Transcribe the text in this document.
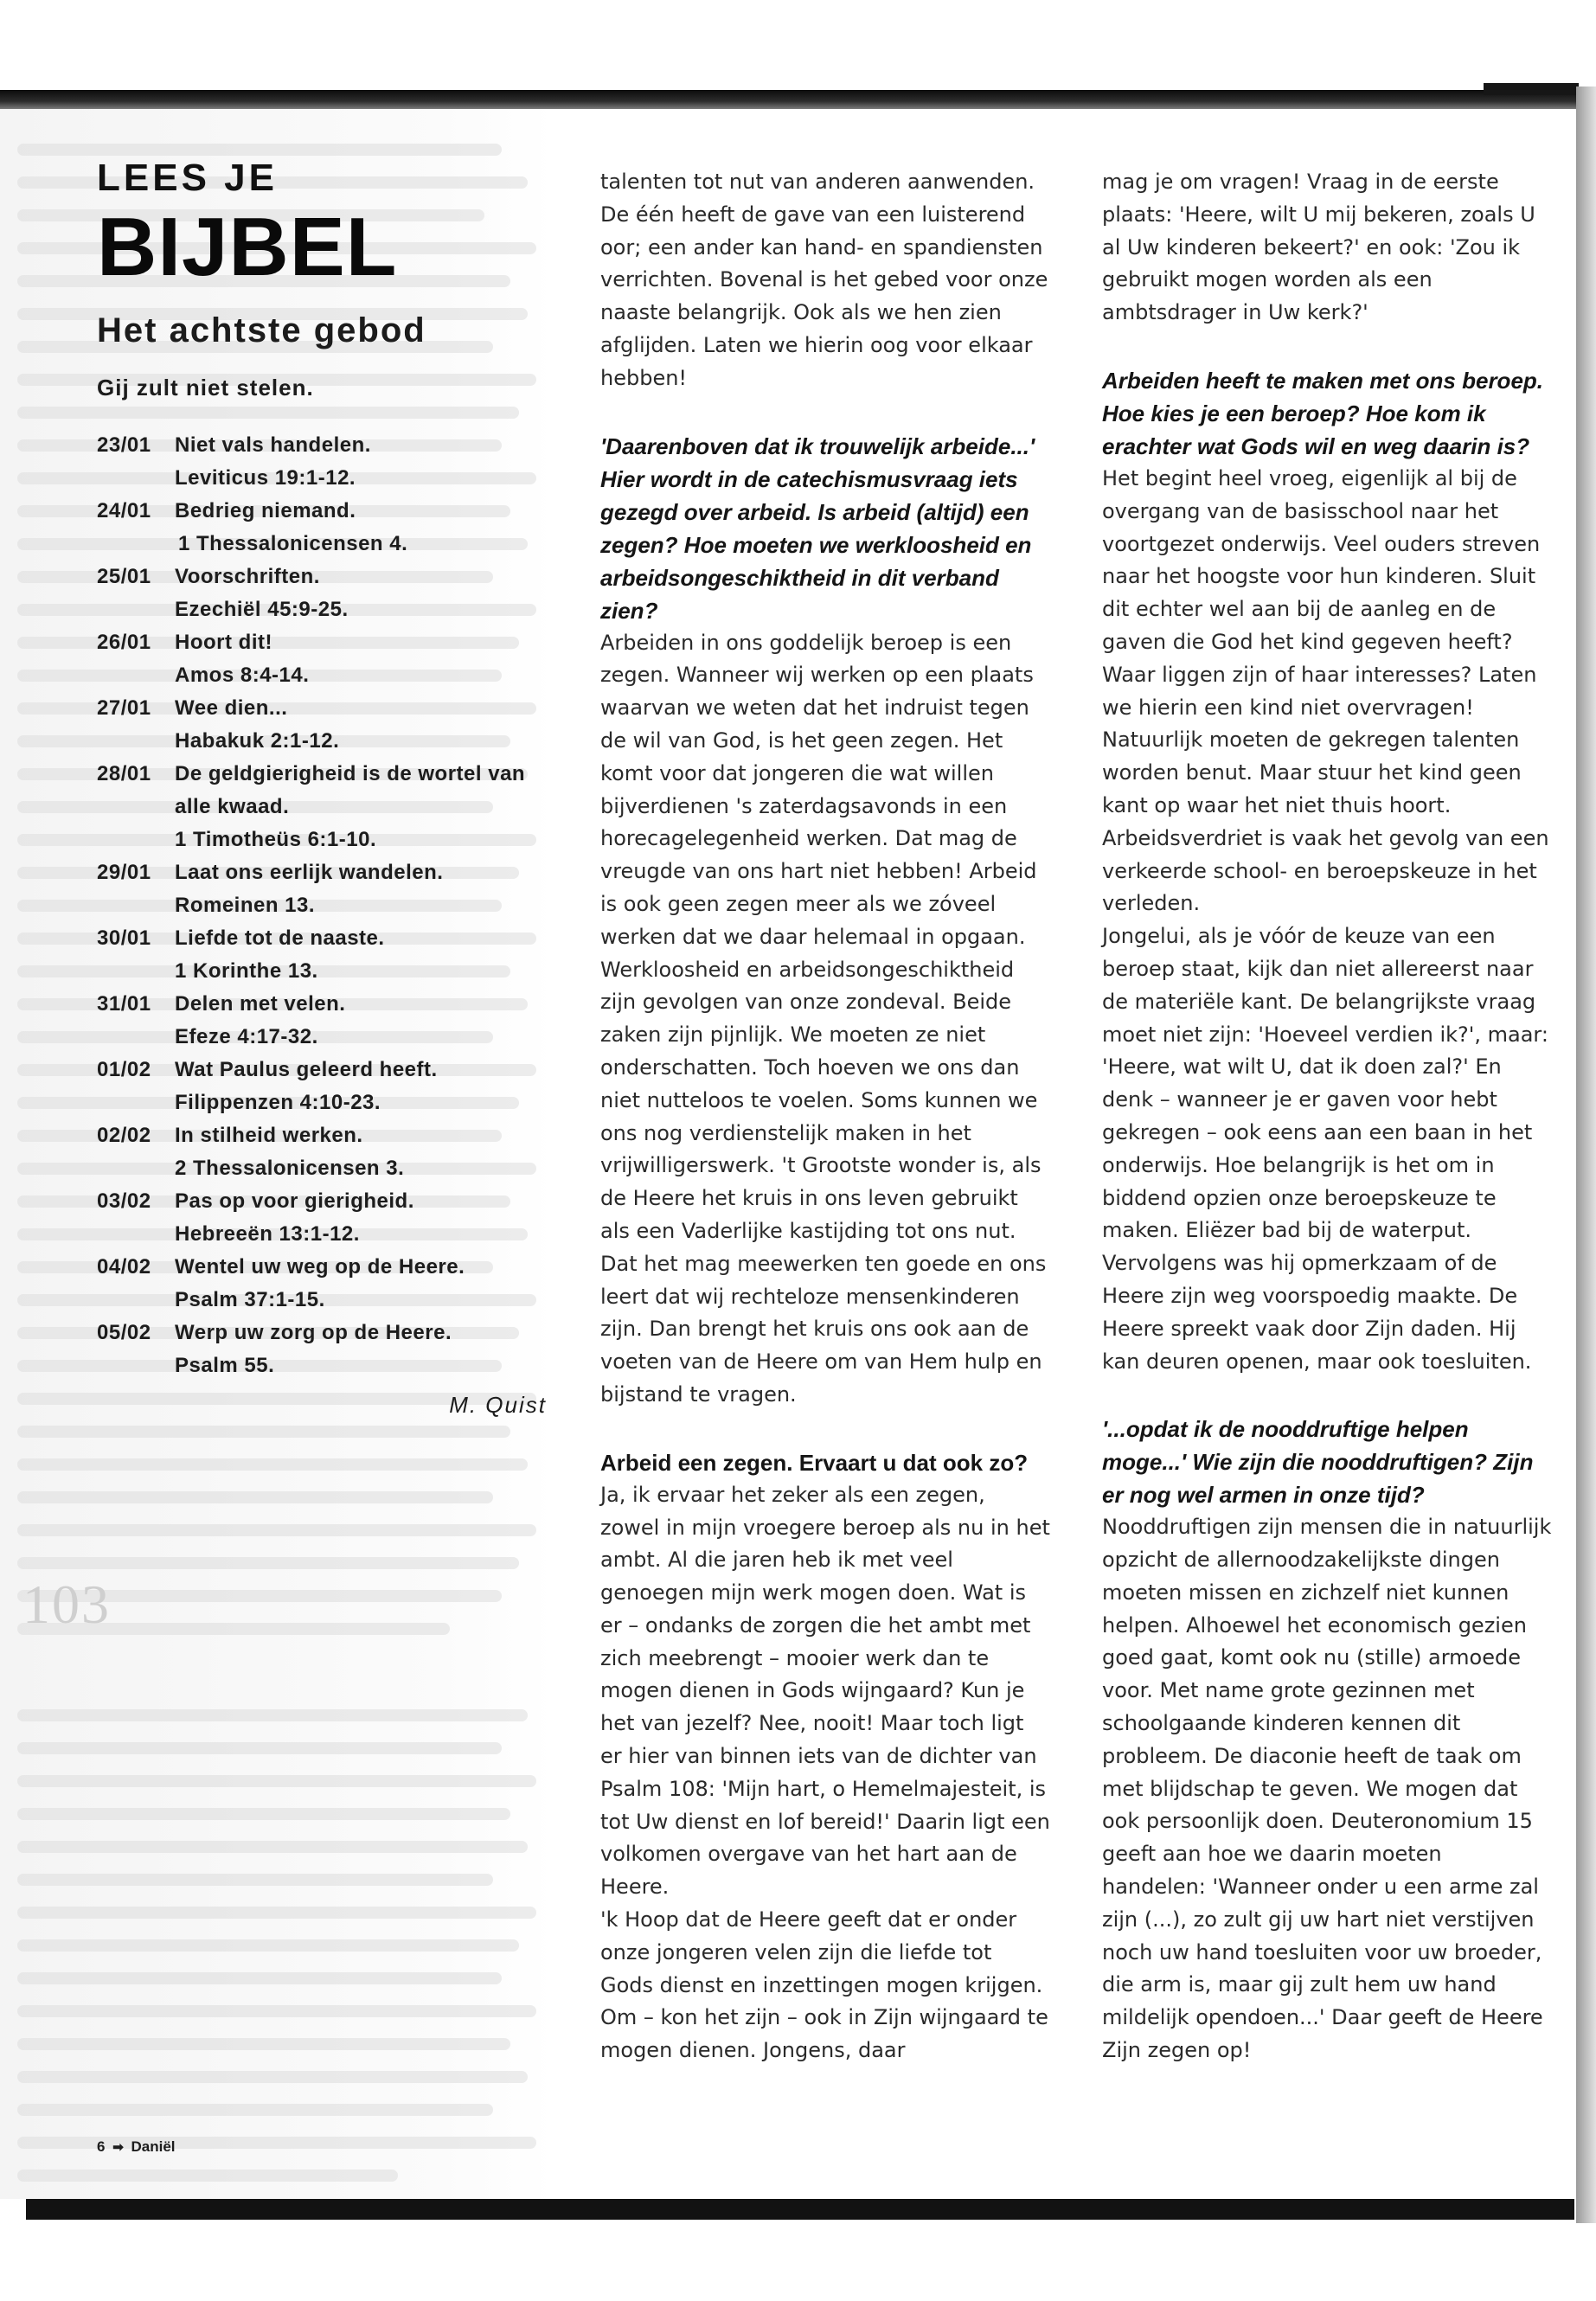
103
LEES JE
BIJBEL
Het achtste gebod
Gij zult niet stelen.
23/01	Niet vals handelen.
Leviticus 19:1-12.
24/01	Bedrieg niemand.
1 Thessalonicensen 4.
25/01	Voorschriften.
Ezechiël 45:9-25.
26/01	Hoort dit!
Amos 8:4-14.
27/01	Wee dien...
Habakuk 2:1-12.
28/01	De geldgierigheid is de wortel van alle kwaad.
1 Timotheüs 6:1-10.
29/01	Laat ons eerlijk wandelen.
Romeinen 13.
30/01	Liefde tot de naaste.
1 Korinthe 13.
31/01	Delen met velen.
Efeze 4:17-32.
01/02	Wat Paulus geleerd heeft.
Filippenzen 4:10-23.
02/02	In stilheid werken.
2 Thessalonicensen 3.
03/02	Pas op voor gierigheid.
Hebreeën 13:1-12.
04/02	Wentel uw weg op de Heere.
Psalm 37:1-15.
05/02	Werp uw zorg op de Heere.
Psalm 55.
M. Quist
6 ➡ Daniël

talenten tot nut van anderen aanwenden. De één heeft de gave van een luisterend oor; een ander kan hand- en spandiensten verrichten. Bovenal is het gebed voor onze naaste belangrijk. Ook als we hen zien afglijden. Laten we hierin oog voor elkaar hebben!

'Daarenboven dat ik trouwelijk arbeide...' Hier wordt in de catechismusvraag iets gezegd over arbeid. Is arbeid (altijd) een zegen? Hoe moeten we werkloosheid en arbeidsongeschiktheid in dit verband zien?

Arbeiden in ons goddelijk beroep is een zegen. Wanneer wij werken op een plaats waarvan we weten dat het indruist tegen de wil van God, is het geen zegen. Het komt voor dat jongeren die wat willen bijverdienen 's zaterdagsavonds in een horecagelegenheid werken. Dat mag de vreugde van ons hart niet hebben! Arbeid is ook geen zegen meer als we zóveel werken dat we daar helemaal in opgaan. Werkloosheid en arbeidsongeschiktheid zijn gevolgen van onze zondeval. Beide zaken zijn pijnlijk. We moeten ze niet onderschatten. Toch hoeven we ons dan niet nutteloos te voelen. Soms kunnen we ons nog verdienstelijk maken in het vrijwilligerswerk. 't Grootste wonder is, als de Heere het kruis in ons leven gebruikt als een Vaderlijke kastijding tot ons nut. Dat het mag meewerken ten goede en ons leert dat wij rechteloze mensenkinderen zijn. Dan brengt het kruis ons ook aan de voeten van de Heere om van Hem hulp en bijstand te vragen.

Arbeid een zegen. Ervaart u dat ook zo?

Ja, ik ervaar het zeker als een zegen, zowel in mijn vroegere beroep als nu in het ambt. Al die jaren heb ik met veel genoegen mijn werk mogen doen. Wat is er – ondanks de zorgen die het ambt met zich meebrengt – mooier werk dan te mogen dienen in Gods wijngaard? Kun je het van jezelf? Nee, nooit! Maar toch ligt er hier van binnen iets van de dichter van Psalm 108: 'Mijn hart, o Hemelmajesteit, is tot Uw dienst en lof bereid!' Daarin ligt een volkomen overgave van het hart aan de Heere.

'k Hoop dat de Heere geeft dat er onder onze jongeren velen zijn die liefde tot Gods dienst en inzettingen mogen krijgen. Om – kon het zijn – ook in Zijn wijngaard te mogen dienen. Jongens, daar

mag je om vragen! Vraag in de eerste plaats: 'Heere, wilt U mij bekeren, zoals U al Uw kinderen bekeert?' en ook: 'Zou ik gebruikt mogen worden als een ambtsdrager in Uw kerk?'

Arbeiden heeft te maken met ons beroep. Hoe kies je een beroep? Hoe kom ik erachter wat Gods wil en weg daarin is?

Het begint heel vroeg, eigenlijk al bij de overgang van de basisschool naar het voortgezet onderwijs. Veel ouders streven naar het hoogste voor hun kinderen. Sluit dit echter wel aan bij de aanleg en de gaven die God het kind gegeven heeft? Waar liggen zijn of haar interesses? Laten we hierin een kind niet overvragen! Natuurlijk moeten de gekregen talenten worden benut. Maar stuur het kind geen kant op waar het niet thuis hoort. Arbeidsverdriet is vaak het gevolg van een verkeerde school- en beroepskeuze in het verleden.

Jongelui, als je vóór de keuze van een beroep staat, kijk dan niet allereerst naar de materiële kant. De belangrijkste vraag moet niet zijn: 'Hoeveel verdien ik?', maar: 'Heere, wat wilt U, dat ik doen zal?' En denk – wanneer je er gaven voor hebt gekregen – ook eens aan een baan in het onderwijs. Hoe belangrijk is het om in biddend opzien onze beroepskeuze te maken. Eliëzer bad bij de waterput. Vervolgens was hij opmerkzaam of de Heere zijn weg voorspoedig maakte. De Heere spreekt vaak door Zijn daden. Hij kan deuren openen, maar ook toesluiten.

'...opdat ik de nooddruftige helpen moge...' Wie zijn die nooddruftigen? Zijn er nog wel armen in onze tijd?

Nooddruftigen zijn mensen die in natuurlijk opzicht de allernoodzakelijkste dingen moeten missen en zichzelf niet kunnen helpen. Alhoewel het economisch gezien goed gaat, komt ook nu (stille) armoede voor. Met name grote gezinnen met schoolgaande kinderen kennen dit probleem. De diaconie heeft de taak om met blijdschap te geven. We mogen dat ook persoonlijk doen. Deuteronomium 15 geeft aan hoe we daarin moeten handelen: 'Wanneer onder u een arme zal zijn (...), zo zult gij uw hart niet verstijven noch uw hand toesluiten voor uw broeder, die arm is, maar gij zult hem uw hand mildelijk opendoen...' Daar geeft de Heere Zijn zegen op!
